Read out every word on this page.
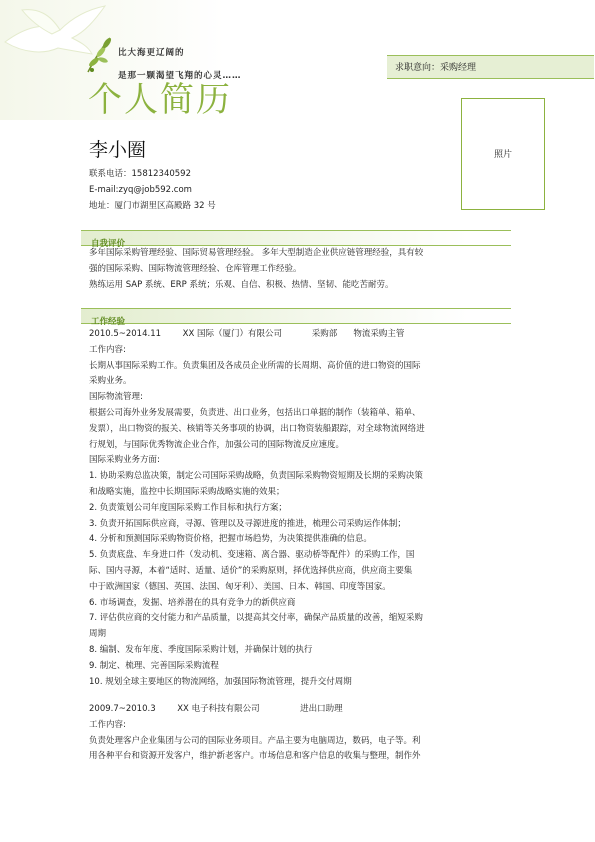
比大海更辽阔的
是那一颗渴望飞翔的心灵……
个人简历
求职意向：采购经理
照片
李小圈
联系电话：15812340592
E-mail:zyq@job592.com
地址：厦门市湖里区高殿路 32 号
自我评价

多年国际采购管理经验、国际贸易管理经验。 多年大型制造企业供应链管理经验，具有较

强的国际采购、国际物流管理经验、仓库管理工作经验。

熟练运用 SAP 系统、ERP 系统；乐观、自信、积极、热情、坚韧、能吃苦耐劳。

工作经验

2010.5~2014.11        XX 国际（厦门）有限公司           采购部      物流采购主管

工作内容:

长期从事国际采购工作。负责集团及各成员企业所需的长周期、高价值的进口物资的国际

采购业务。

国际物流管理:

根据公司海外业务发展需要，负责进、出口业务，包括出口单据的制作（装箱单、箱单、

发票），出口物资的报关、核销等关务事项的协调，出口物资装船跟踪，对全球物流网络进

行规划，与国际优秀物流企业合作，加强公司的国际物流反应速度。

国际采购业务方面:

1. 协助采购总监决策，制定公司国际采购战略，负责国际采购物资短期及长期的采购决策

和战略实施，监控中长期国际采购战略实施的效果；

2. 负责策划公司年度国际采购工作目标和执行方案；

3. 负责开拓国际供应商，寻源、管理以及寻源进度的推进，梳理公司采购运作体制；

4. 分析和预测国际采购物资价格，把握市场趋势，为决策提供准确的信息。

5. 负责底盘、车身进口件（发动机、变速箱、离合器、驱动桥等配件）的采购工作，国

际、国内寻源，本着“适时、适量、适价”的采购原则，择优选择供应商，供应商主要集

中于欧洲国家（德国、英国、法国、匈牙利）、美国、日本、韩国、印度等国家。

6. 市场调查，发掘、培养潜在的具有竞争力的新供应商

7. 评估供应商的交付能力和产品质量，以提高其交付率，确保产品质量的改善，缩短采购

周期

8. 编制、发布年度、季度国际采购计划，并确保计划的执行

9. 制定、梳理、完善国际采购流程

10. 规划全球主要地区的物流网络，加强国际物流管理，提升交付周期

2009.7~2010.3        XX 电子科技有限公司               进出口助理

工作内容:

负责处理客户企业集团与公司的国际业务项目。产品主要为电脑周边，数码，电子等。利

用各种平台和资源开发客户，维护新老客户。市场信息和客户信息的收集与整理，制作外
